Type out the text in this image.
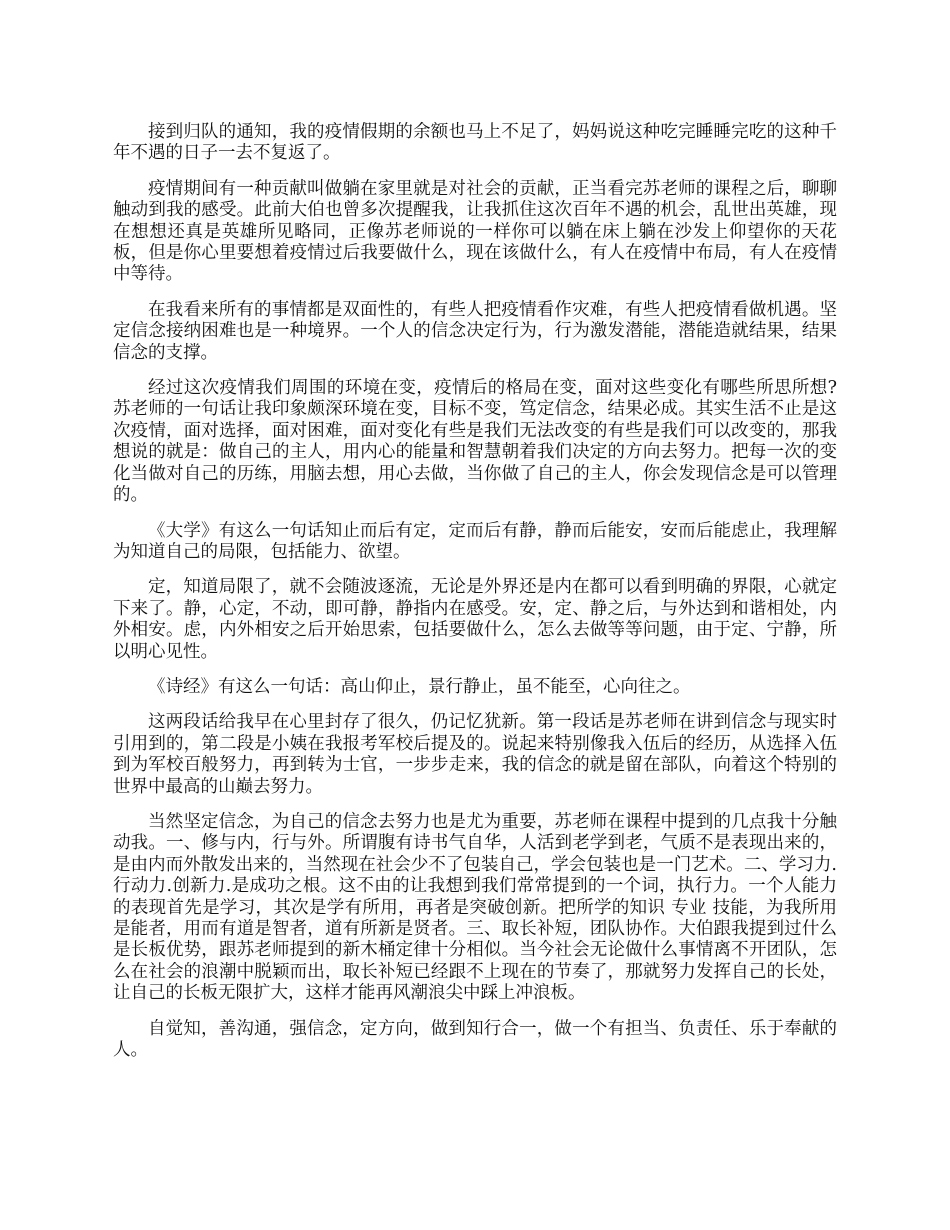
接到归队的通知，我的疫情假期的余额也马上不足了，妈妈说这种吃完睡睡完吃的这种千年不遇的日子一去不复返了。

疫情期间有一种贡献叫做躺在家里就是对社会的贡献，正当看完苏老师的课程之后，聊聊触动到我的感受。此前大伯也曾多次提醒我，让我抓住这次百年不遇的机会，乱世出英雄，现在想想还真是英雄所见略同，正像苏老师说的一样你可以躺在床上躺在沙发上仰望你的天花板，但是你心里要想着疫情过后我要做什么，现在该做什么，有人在疫情中布局，有人在疫情中等待。

在我看来所有的事情都是双面性的，有些人把疫情看作灾难，有些人把疫情看做机遇。坚定信念接纳困难也是一种境界。一个人的信念决定行为，行为激发潜能，潜能造就结果，结果信念的支撑。

经过这次疫情我们周围的环境在变，疫情后的格局在变，面对这些变化有哪些所思所想?苏老师的一句话让我印象颇深环境在变，目标不变，笃定信念，结果必成。其实生活不止是这次疫情，面对选择，面对困难，面对变化有些是我们无法改变的有些是我们可以改变的，那我想说的就是：做自己的主人，用内心的能量和智慧朝着我们决定的方向去努力。把每一次的变化当做对自己的历练，用脑去想，用心去做，当你做了自己的主人，你会发现信念是可以管理的。

《大学》有这么一句话知止而后有定，定而后有静，静而后能安，安而后能虑止，我理解为知道自己的局限，包括能力、欲望。

定，知道局限了，就不会随波逐流，无论是外界还是内在都可以看到明确的界限，心就定下来了。静，心定，不动，即可静，静指内在感受。安，定、静之后，与外达到和谐相处，内外相安。虑，内外相安之后开始思索，包括要做什么，怎么去做等等问题，由于定、宁静，所以明心见性。

《诗经》有这么一句话：高山仰止，景行静止，虽不能至，心向往之。

这两段话给我早在心里封存了很久，仍记忆犹新。第一段话是苏老师在讲到信念与现实时引用到的，第二段是小姨在我报考军校后提及的。说起来特别像我入伍后的经历，从选择入伍到为军校百般努力，再到转为士官，一步步走来，我的信念的就是留在部队，向着这个特别的世界中最高的山巅去努力。

当然坚定信念，为自己的信念去努力也是尤为重要，苏老师在课程中提到的几点我十分触动我。一、修与内，行与外。所谓腹有诗书气自华，人活到老学到老，气质不是表现出来的，是由内而外散发出来的，当然现在社会少不了包装自己，学会包装也是一门艺术。二、学习力.行动力.创新力.是成功之根。这不由的让我想到我们常常提到的一个词，执行力。一个人能力的表现首先是学习，其次是学有所用，再者是突破创新。把所学的知识 专业 技能，为我所用是能者，用而有道是智者，道有所新是贤者。三、取长补短，团队协作。大伯跟我提到过什么是长板优势，跟苏老师提到的新木桶定律十分相似。当今社会无论做什么事情离不开团队，怎么在社会的浪潮中脱颖而出，取长补短已经跟不上现在的节奏了，那就努力发挥自己的长处，让自己的长板无限扩大，这样才能再风潮浪尖中踩上冲浪板。

自觉知，善沟通，强信念，定方向，做到知行合一，做一个有担当、负责任、乐于奉献的人。
